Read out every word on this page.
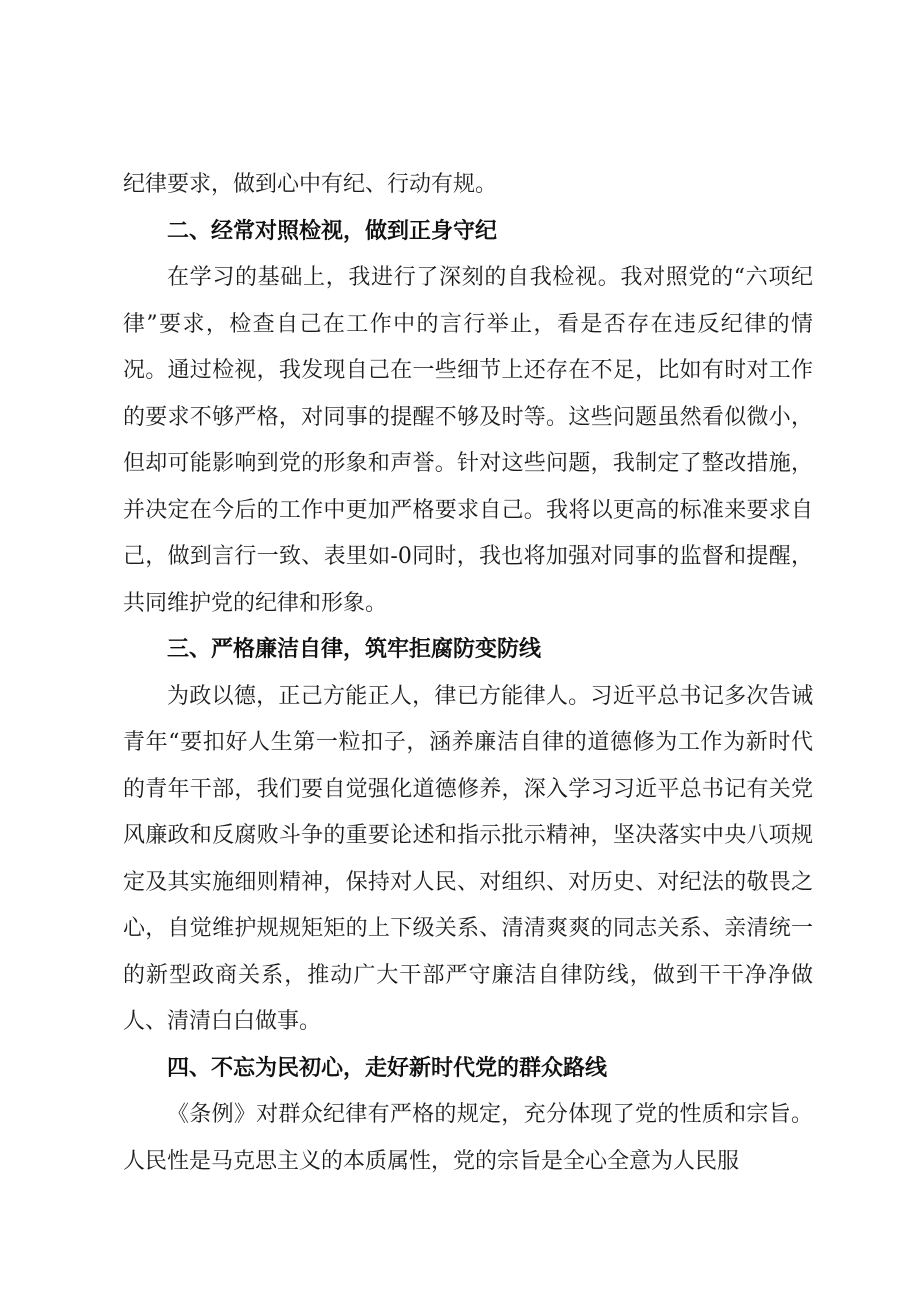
纪律要求，做到心中有纪、行动有规。

二、经常对照检视，做到正身守纪

在学习的基础上，我进行了深刻的自我检视。我对照党的“六项纪律”要求，检查自己在工作中的言行举止，看是否存在违反纪律的情况。通过检视，我发现自己在一些细节上还存在不足，比如有时对工作的要求不够严格，对同事的提醒不够及时等。这些问题虽然看似微小，但却可能影响到党的形象和声誉。针对这些问题，我制定了整改措施，并决定在今后的工作中更加严格要求自己。我将以更高的标准来要求自己，做到言行一致、表里如-0同时，我也将加强对同事的监督和提醒，共同维护党的纪律和形象。

三、严格廉洁自律，筑牢拒腐防变防线

为政以德，正己方能正人，律已方能律人。习近平总书记多次告诫青年“要扣好人生第一粒扣子，涵养廉洁自律的道德修为工作为新时代的青年干部，我们要自觉强化道德修养，深入学习习近平总书记有关党风廉政和反腐败斗争的重要论述和指示批示精神，坚决落实中央八项规定及其实施细则精神，保持对人民、对组织、对历史、对纪法的敬畏之心，自觉维护规规矩矩的上下级关系、清清爽爽的同志关系、亲清统一的新型政商关系，推动广大干部严守廉洁自律防线，做到干干净净做人、清清白白做事。

四、不忘为民初心，走好新时代党的群众路线

《条例》对群众纪律有严格的规定，充分体现了党的性质和宗旨。人民性是马克思主义的本质属性，党的宗旨是全心全意为人民服
